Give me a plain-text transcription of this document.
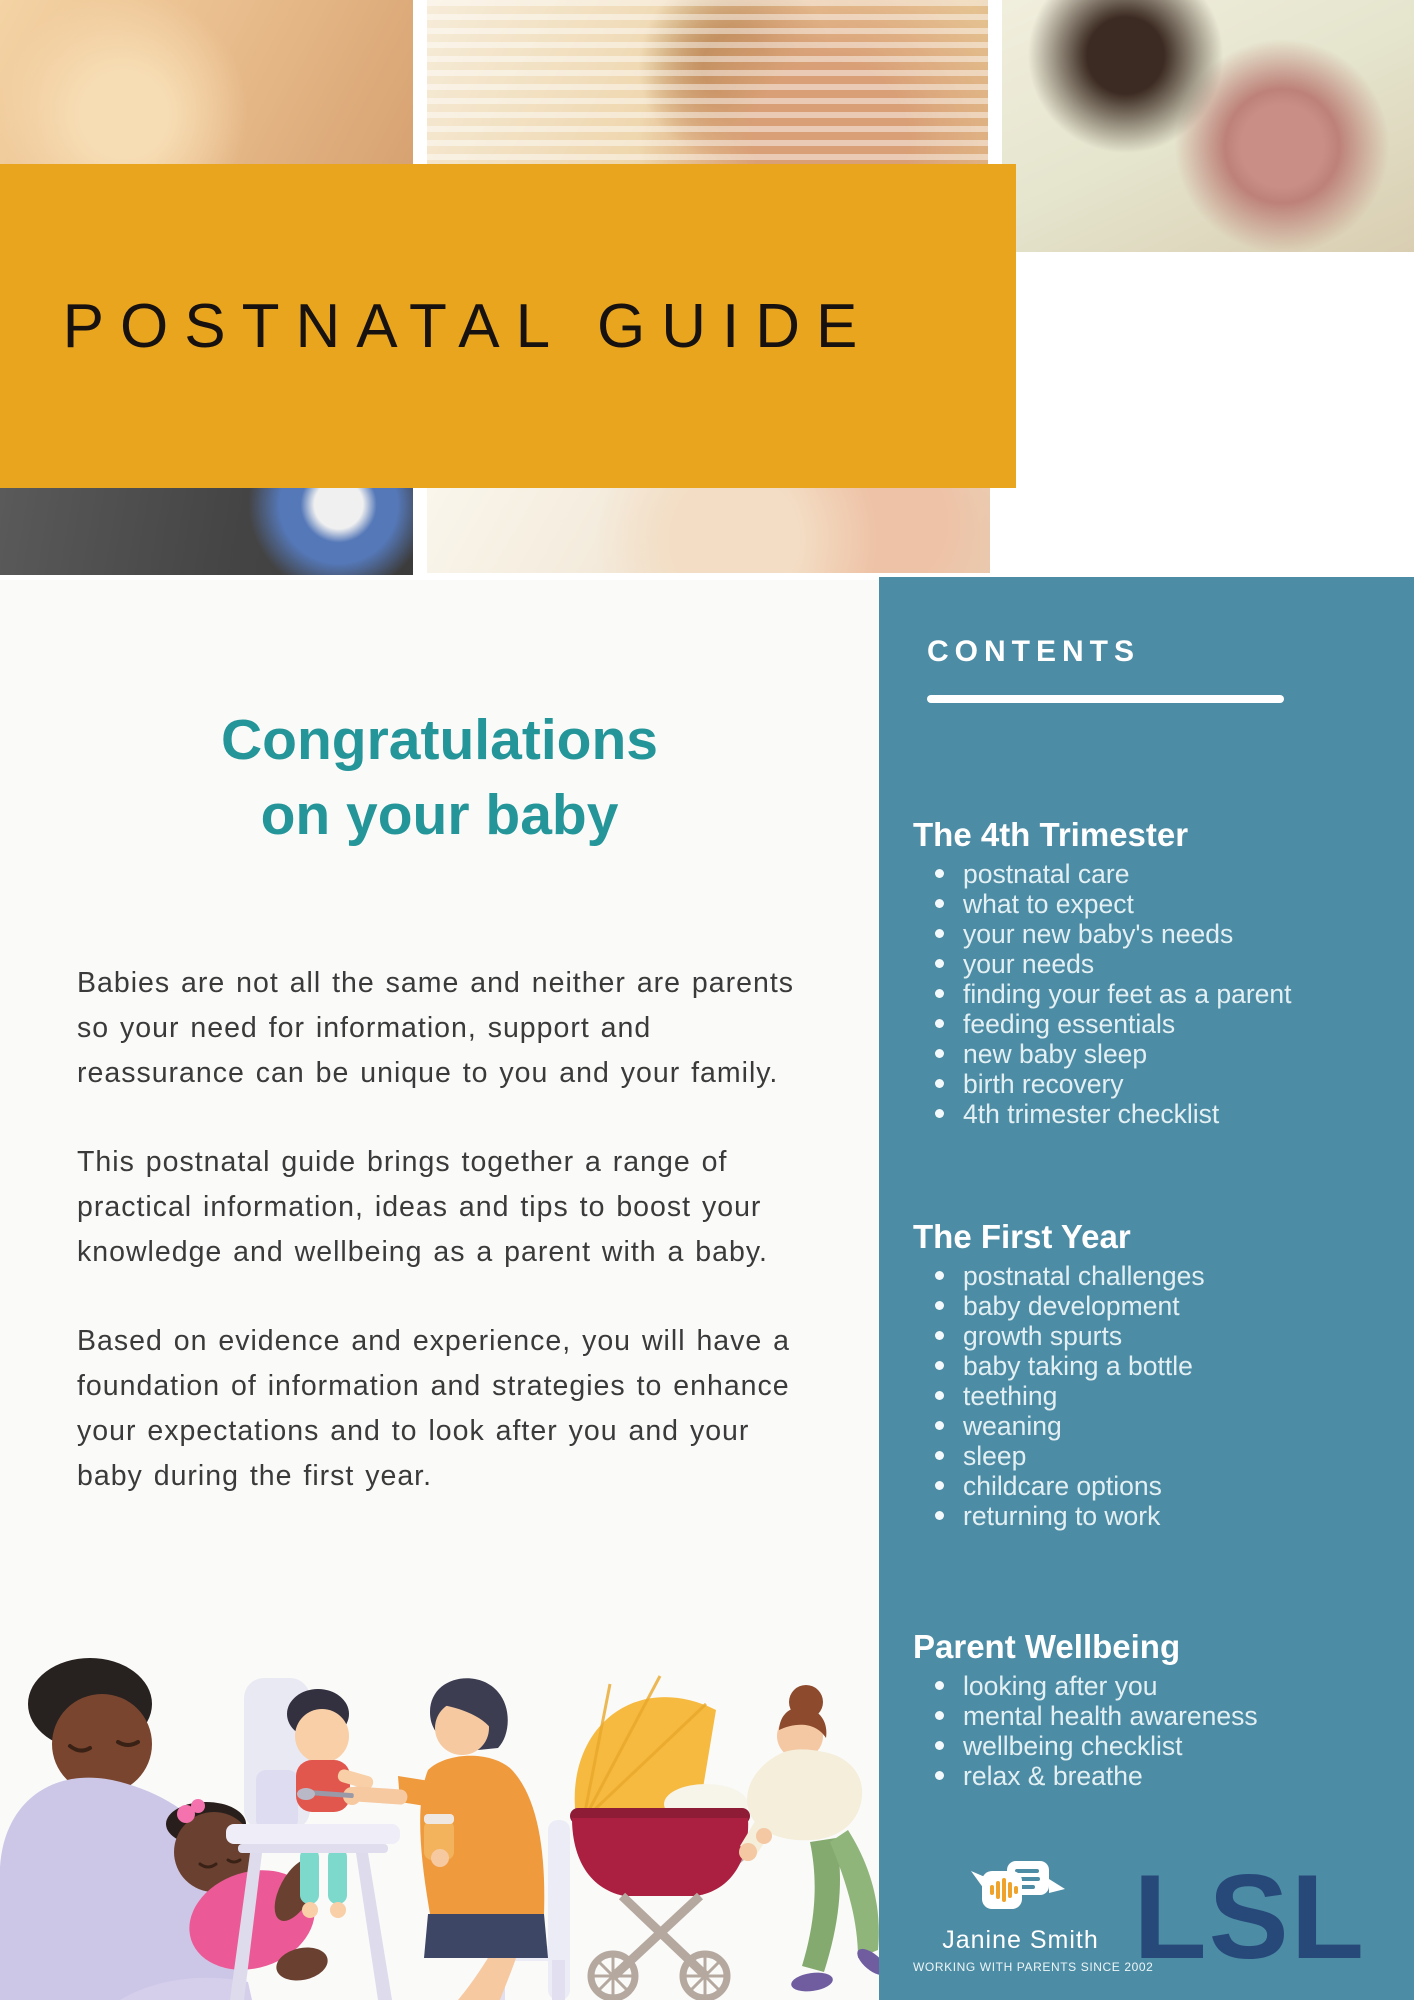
POSTNATAL GUIDE
Congratulations
on your baby

Babies are not all the same and neither are parents so your need for information, support and reassurance can be unique to you and your family.

This postnatal guide brings together a range of practical information, ideas and tips to boost your knowledge and wellbeing as a parent with a baby.

Based on evidence and experience, you will have a foundation of information and strategies to enhance your expectations and to look after you and your baby during the first year.

CONTENTS
The 4th Trimester
postnatal care
what to expect
your new baby's needs
your needs
finding your feet as a parent
feeding essentials
new baby sleep
birth recovery
4th trimester checklist
The First Year
postnatal challenges
baby development
growth spurts
baby taking a bottle
teething
weaning
sleep
childcare options
returning to work
Parent Wellbeing
looking after you
mental health awareness
wellbeing checklist
relax & breathe
Janine Smith
WORKING WITH PARENTS SINCE 2002
LSL
